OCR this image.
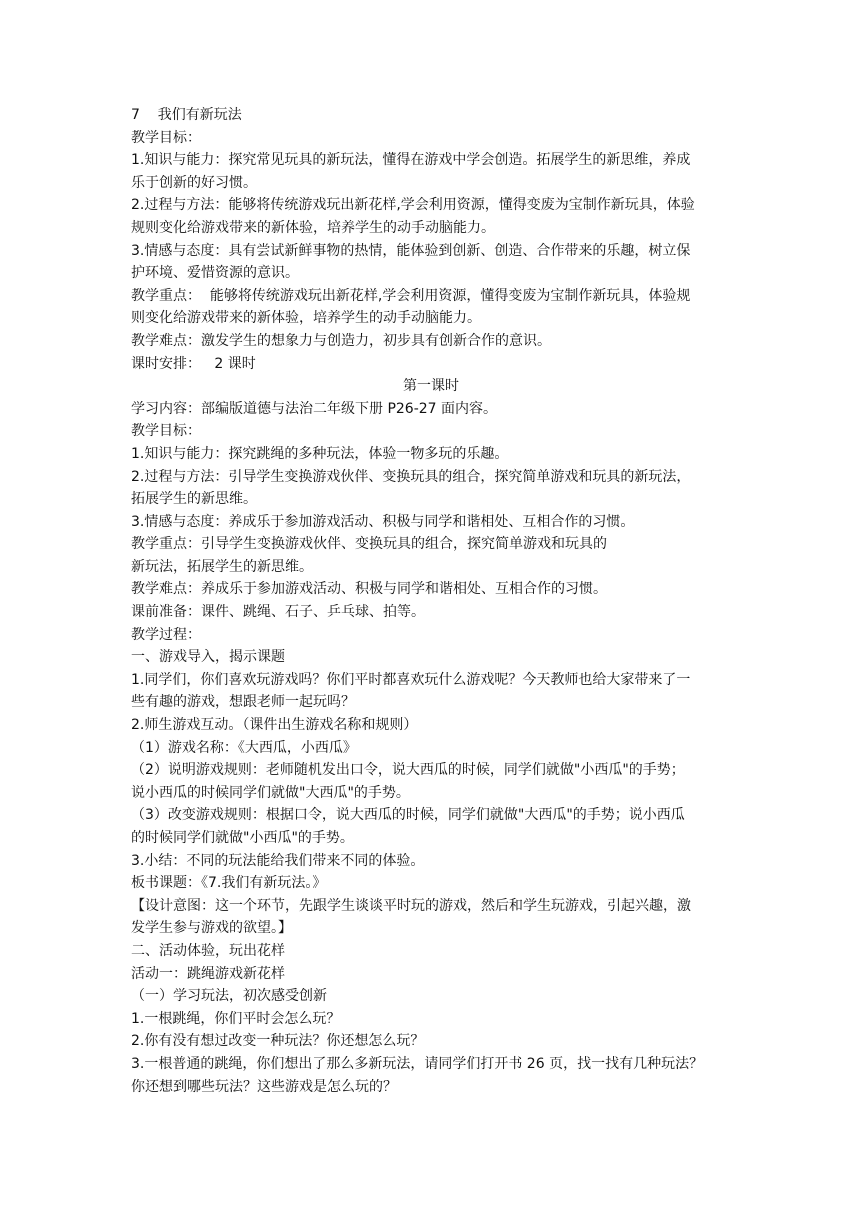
7    我们有新玩法
教学目标：
1.知识与能力：探究常见玩具的新玩法，懂得在游戏中学会创造。拓展学生的新思维，养成
乐于创新的好习惯。
2.过程与方法：能够将传统游戏玩出新花样,学会利用资源，懂得变废为宝制作新玩具，体验
规则变化给游戏带来的新体验，培养学生的动手动脑能力。
3.情感与态度：具有尝试新鲜事物的热情，能体验到创新、创造、合作带来的乐趣，树立保
护环境、爱惜资源的意识。
教学重点：  能够将传统游戏玩出新花样,学会利用资源，懂得变废为宝制作新玩具，体验规
则变化给游戏带来的新体验，培养学生的动手动脑能力。
教学难点：激发学生的想象力与创造力，初步具有创新合作的意识。
课时安排：   2 课时
第一课时
学习内容：部编版道德与法治二年级下册 P26-27 面内容。
教学目标：
1.知识与能力：探究跳绳的多种玩法，体验一物多玩的乐趣。
2.过程与方法：引导学生变换游戏伙伴、变换玩具的组合，探究简单游戏和玩具的新玩法，
拓展学生的新思维。
3.情感与态度：养成乐于参加游戏活动、积极与同学和谐相处、互相合作的习惯。
教学重点：引导学生变换游戏伙伴、变换玩具的组合，探究简单游戏和玩具的
新玩法，拓展学生的新思维。
教学难点：养成乐于参加游戏活动、积极与同学和谐相处、互相合作的习惯。
课前准备：课件、跳绳、石子、乒乓球、拍等。
教学过程：
一、游戏导入，揭示课题
1.同学们，你们喜欢玩游戏吗？你们平时都喜欢玩什么游戏呢？今天教师也给大家带来了一
些有趣的游戏，想跟老师一起玩吗？
2.师生游戏互动。（课件出生游戏名称和规则）
（1）游戏名称：《大西瓜，小西瓜》
（2）说明游戏规则：老师随机发出口令，说大西瓜的时候，同学们就做"小西瓜"的手势；
说小西瓜的时候同学们就做"大西瓜"的手势。
（3）改变游戏规则：根据口令，说大西瓜的时候，同学们就做"大西瓜"的手势；说小西瓜
的时候同学们就做"小西瓜"的手势。
3.小结：不同的玩法能给我们带来不同的体验。
板书课题：《7.我们有新玩法。》
【设计意图：这一个环节，先跟学生谈谈平时玩的游戏，然后和学生玩游戏，引起兴趣，激
发学生参与游戏的欲望。】
二、活动体验，玩出花样
活动一：跳绳游戏新花样
（一）学习玩法，初次感受创新
1.一根跳绳，你们平时会怎么玩？
2.你有没有想过改变一种玩法？你还想怎么玩？
3.一根普通的跳绳，你们想出了那么多新玩法，请同学们打开书 26 页，找一找有几种玩法？
你还想到哪些玩法？这些游戏是怎么玩的？
